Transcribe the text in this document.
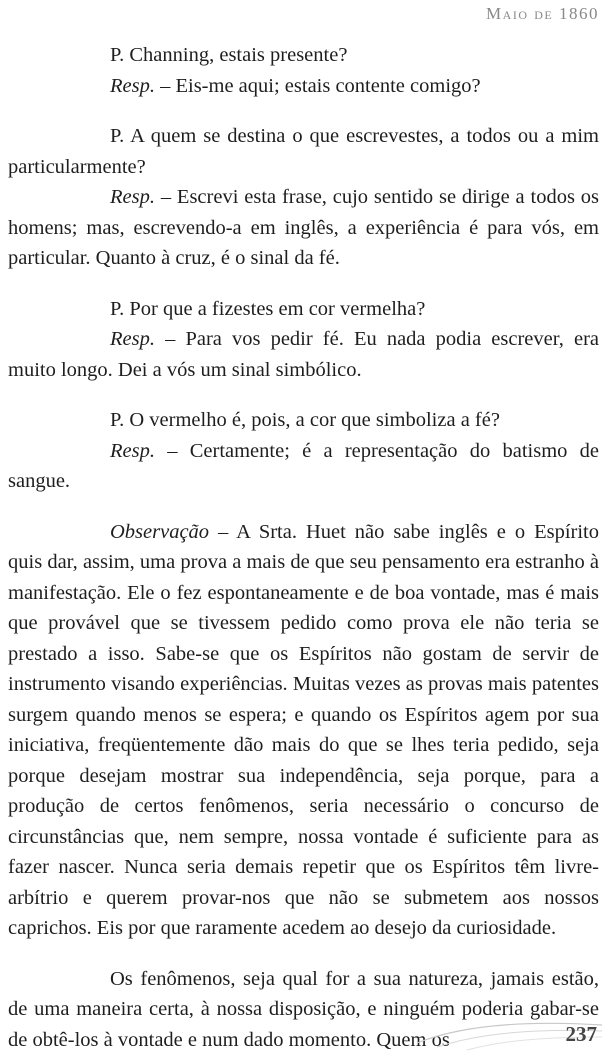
Maio de 1860

P. Channing, estais presente?

Resp. – Eis-me aqui; estais contente comigo?

P. A quem se destina o que escrevestes, a todos ou a mim particularmente?

Resp. – Escrevi esta frase, cujo sentido se dirige a todos os homens; mas, escrevendo-a em inglês, a experiência é para vós, em particular. Quanto à cruz, é o sinal da fé.

P. Por que a fizestes em cor vermelha?

Resp. – Para vos pedir fé. Eu nada podia escrever, era muito longo. Dei a vós um sinal simbólico.

P. O vermelho é, pois, a cor que simboliza a fé?

Resp. – Certamente; é a representação do batismo de sangue.

Observação – A Srta. Huet não sabe inglês e o Espírito quis dar, assim, uma prova a mais de que seu pensamento era estranho à manifestação. Ele o fez espontaneamente e de boa vontade, mas é mais que provável que se tivessem pedido como prova ele não teria se prestado a isso. Sabe-se que os Espíritos não gostam de servir de instrumento visando experiências. Muitas vezes as provas mais patentes surgem quando menos se espera; e quando os Espíritos agem por sua iniciativa, freqüentemente dão mais do que se lhes teria pedido, seja porque desejam mostrar sua independência, seja porque, para a produção de certos fenômenos, seria necessário o concurso de circunstâncias que, nem sempre, nossa vontade é suficiente para as fazer nascer. Nunca seria demais repetir que os Espíritos têm livre-arbítrio e querem provar-nos que não se submetem aos nossos caprichos. Eis por que raramente acedem ao desejo da curiosidade.

Os fenômenos, seja qual for a sua natureza, jamais estão, de uma maneira certa, à nossa disposição, e ninguém poderia gabar-se de obtê-los à vontade e num dado momento. Quem os	237
